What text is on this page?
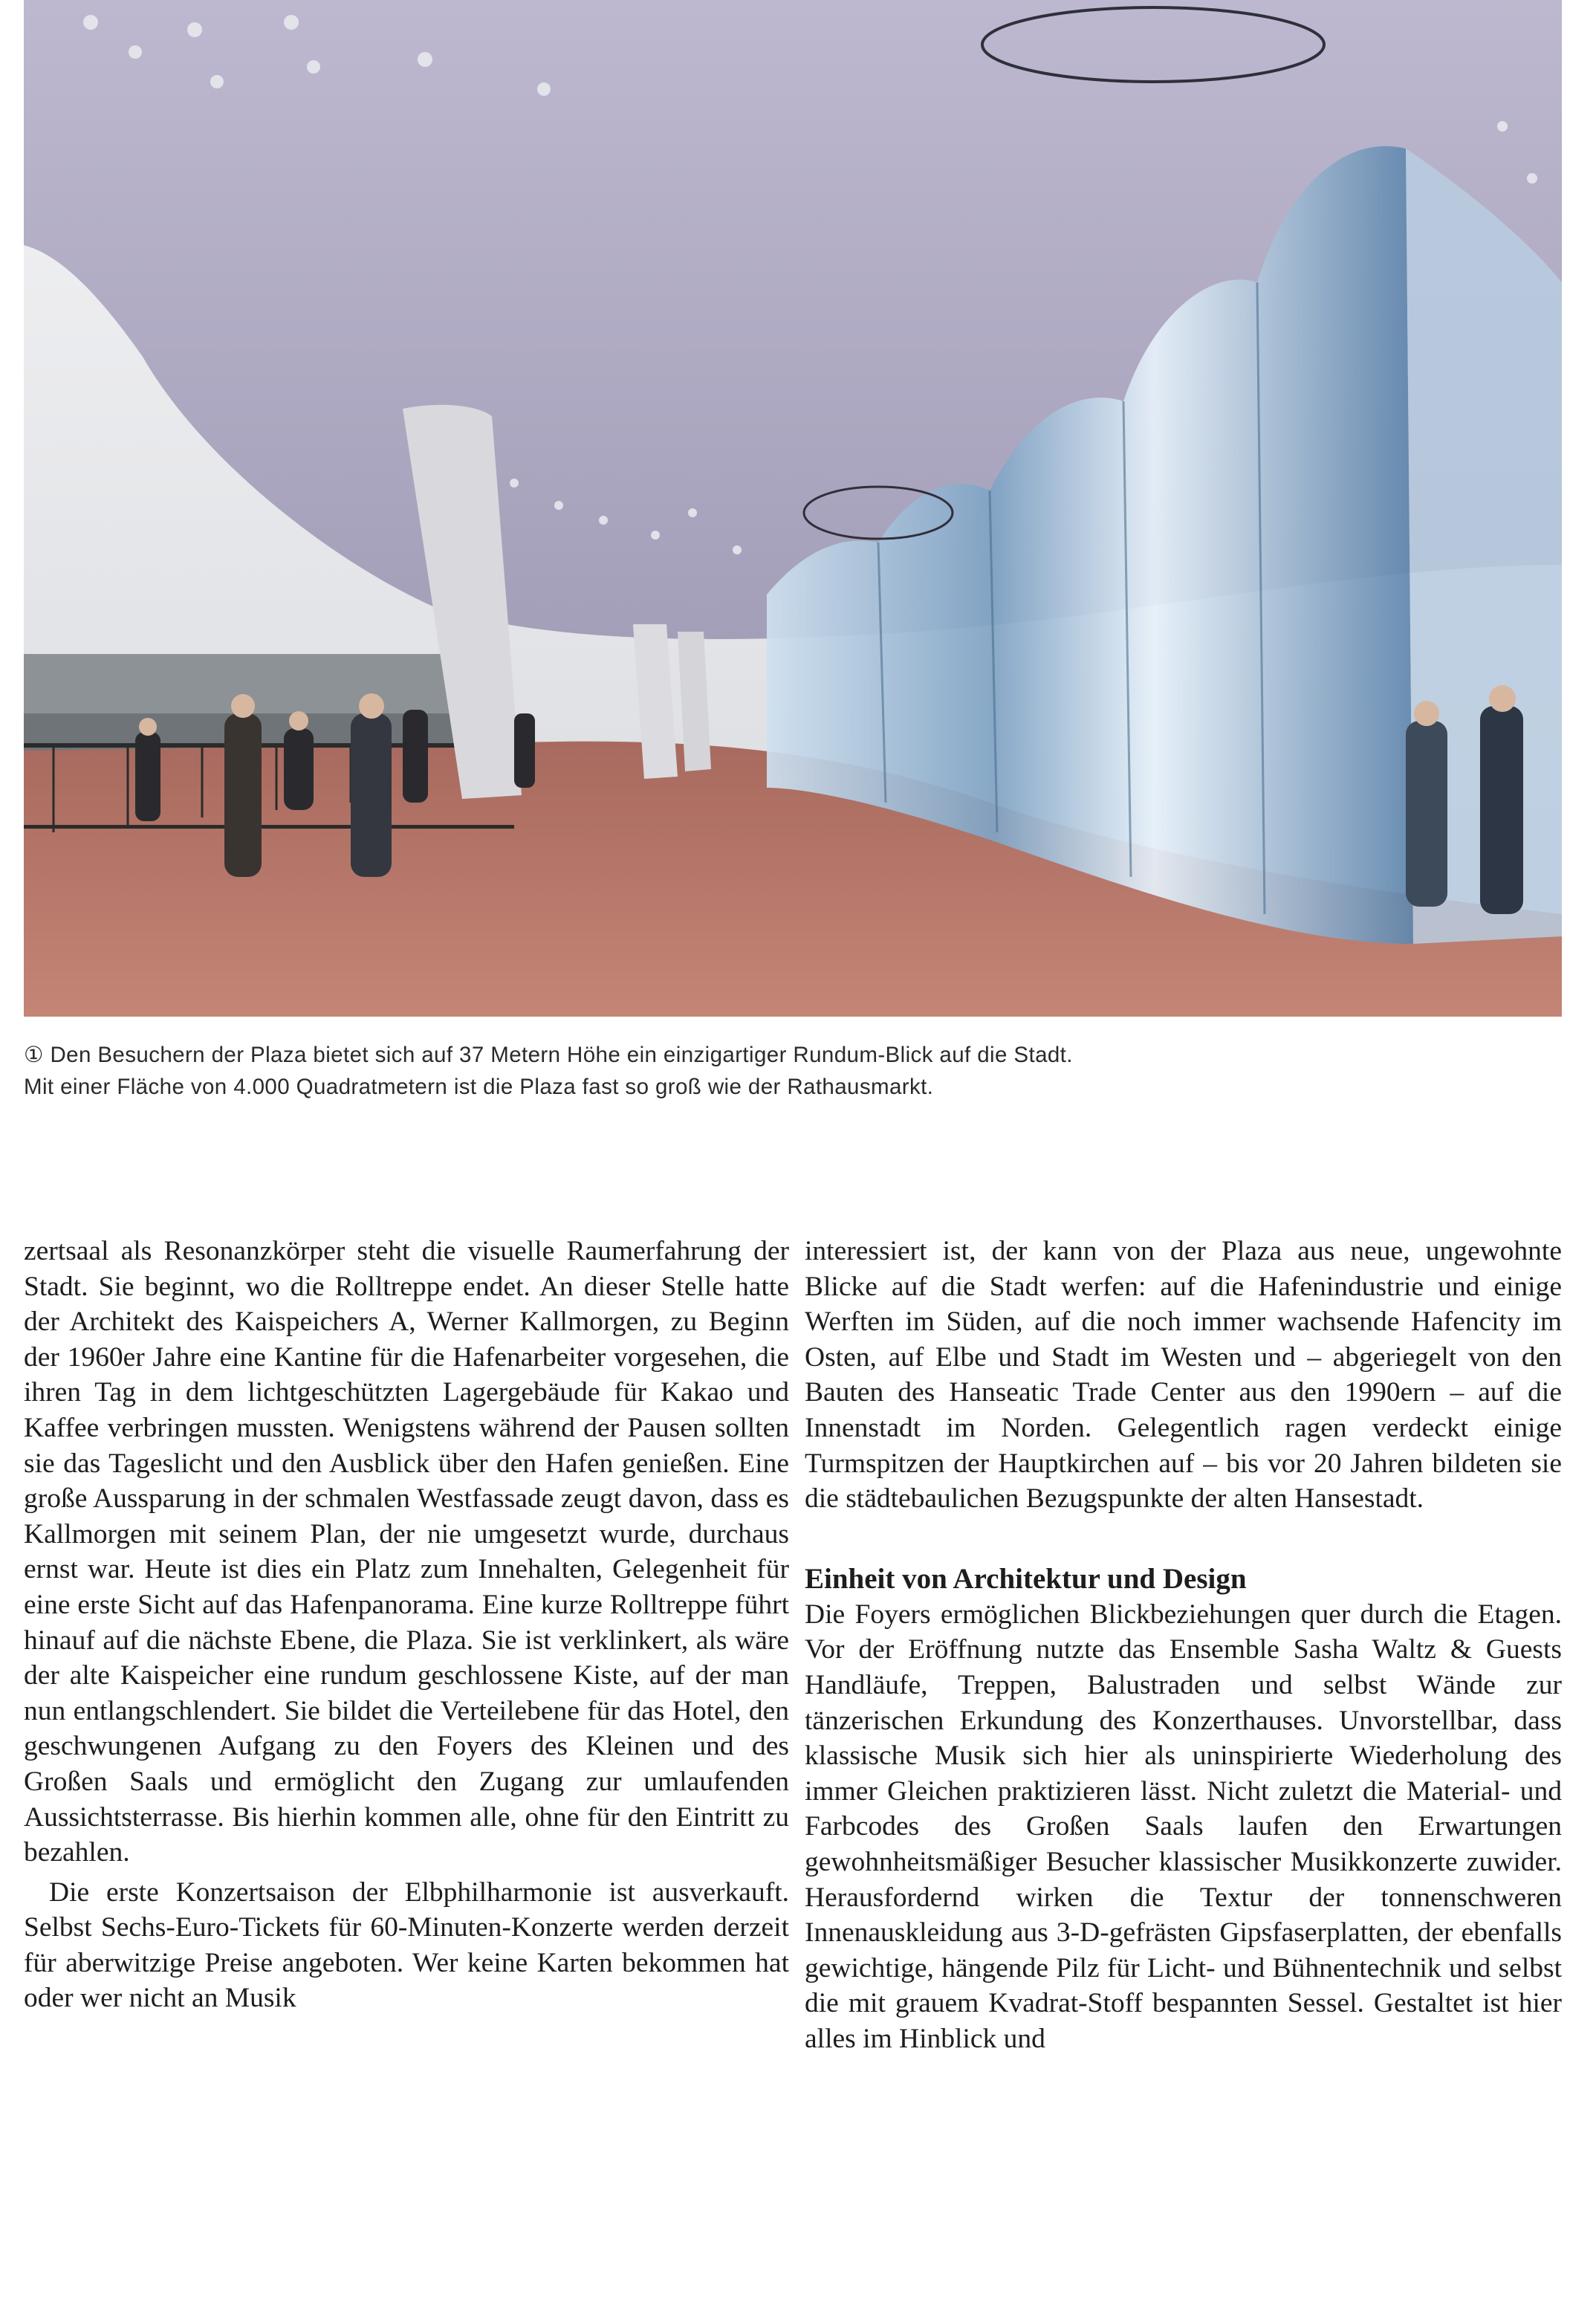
① Den Besuchern der Plaza bietet sich auf 37 Metern Höhe ein einzigartiger Rundum-Blick auf die Stadt.
Mit einer Fläche von 4.000 Quadratmetern ist die Plaza fast so groß wie der Rathausmarkt.

zertsaal als Resonanzkörper steht die visuelle Raumerfahrung der Stadt. Sie beginnt, wo die Rolltreppe endet. An dieser Stelle hatte der Architekt des Kaispeichers A, Werner Kallmorgen, zu Beginn der 1960er Jahre eine Kantine für die Hafenarbeiter vorgesehen, die ihren Tag in dem lichtgeschützten Lagergebäude für Kakao und Kaffee verbringen mussten. Wenigstens während der Pausen sollten sie das Tageslicht und den Ausblick über den Hafen genießen. Eine große Aussparung in der schmalen Westfassade zeugt davon, dass es Kallmorgen mit seinem Plan, der nie umgesetzt wurde, durchaus ernst war. Heute ist dies ein Platz zum Innehalten, Gelegenheit für eine erste Sicht auf das Hafenpanorama. Eine kurze Rolltreppe führt hinauf auf die nächste Ebene, die Plaza. Sie ist verklinkert, als wäre der alte Kaispeicher eine rundum geschlossene Kiste, auf der man nun entlangschlendert. Sie bildet die Verteilebene für das Hotel, den geschwungenen Aufgang zu den Foyers des Kleinen und des Großen Saals und ermöglicht den Zugang zur umlaufenden Aussichtsterrasse. Bis hierhin kommen alle, ohne für den Eintritt zu bezahlen.

Die erste Konzertsaison der Elbphilharmonie ist ausverkauft. Selbst Sechs-Euro-Tickets für 60-Minuten-Konzerte werden derzeit für aberwitzige Preise angeboten. Wer keine Karten bekommen hat oder wer nicht an Musik

interessiert ist, der kann von der Plaza aus neue, ungewohnte Blicke auf die Stadt werfen: auf die Hafenindustrie und einige Werften im Süden, auf die noch immer wachsende Hafencity im Osten, auf Elbe und Stadt im Westen und – abgeriegelt von den Bauten des Hanseatic Trade Center aus den 1990ern – auf die Innenstadt im Norden. Gelegentlich ragen verdeckt einige Turmspitzen der Hauptkirchen auf – bis vor 20 Jahren bildeten sie die städtebaulichen Bezugspunkte der alten Hansestadt.

Einheit von Architektur und Design

Die Foyers ermöglichen Blickbeziehungen quer durch die Etagen. Vor der Eröffnung nutzte das Ensemble Sasha Waltz & Guests Handläufe, Treppen, Balustraden und selbst Wände zur tänzerischen Erkundung des Konzerthauses. Unvorstellbar, dass klassische Musik sich hier als uninspirierte Wiederholung des immer Gleichen praktizieren lässt. Nicht zuletzt die Material- und Farbcodes des Großen Saals laufen den Erwartungen gewohnheitsmäßiger Besucher klassischer Musikkonzerte zuwider. Herausfordernd wirken die Textur der tonnenschweren Innenauskleidung aus 3-D-gefrästen Gipsfaserplatten, der ebenfalls gewichtige, hängende Pilz für Licht- und Bühnentechnik und selbst die mit grauem Kvadrat-Stoff bespannten Sessel. Gestaltet ist hier alles im Hinblick und
